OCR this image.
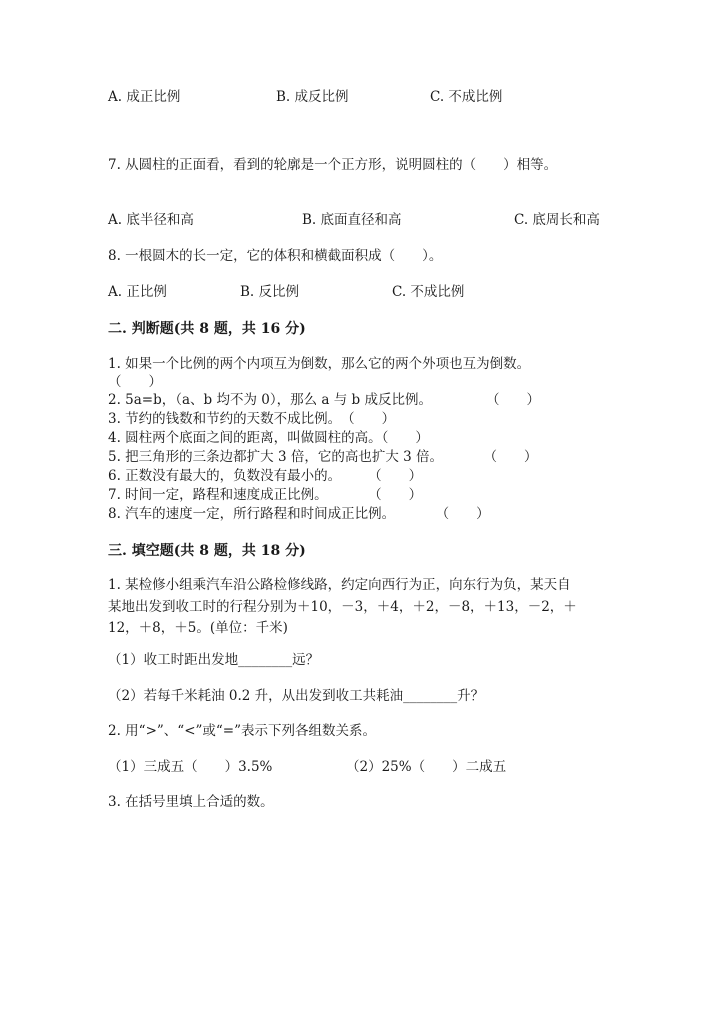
A. 成正比例	B. 成反比例	C. 不成比例
7. 从圆柱的正面看，看到的轮廓是一个正方形，说明圆柱的（　　）相等。
A. 底半径和高	B. 底面直径和高	C. 底周长和高
8. 一根圆木的长一定，它的体积和横截面积成（　　）。
A. 正比例	B. 反比例	C. 不成比例
二. 判断题(共 8 题，共 16 分)
1. 如果一个比例的两个内项互为倒数，那么它的两个外项也互为倒数。
（　　）
2. 5a=b，（a、b 均不为 0），那么 a 与 b 成反比例。　　　　　（　　）
3. 节约的钱数和节约的天数不成比例。　（　　）
4. 圆柱两个底面之间的距离，叫做圆柱的高。（　　）
5. 把三角形的三条边都扩大 3 倍，它的高也扩大 3 倍。　　　　（　　）
6. 正数没有最大的，负数没有最小的。　　　（　　）
7. 时间一定，路程和速度成正比例。　　　　（　　）
8. 汽车的速度一定，所行路程和时间成正比例。　　　　（　　）
三. 填空题(共 8 题，共 18 分)
1. 某检修小组乘汽车沿公路检修线路，约定向西行为正，向东行为负，某天自
某地出发到收工时的行程分别为＋10，－3，＋4，＋2，－8，＋13，－2，＋
12，＋8，＋5。(单位：千米)
（1）收工时距出发地________远？
（2）若每千米耗油 0.2 升，从出发到收工共耗油________升？
2. 用“>”、“<”或“=”表示下列各组数关系。
（1）三成五（　　）3.5%	（2）25%（　　）二成五
3. 在括号里填上合适的数。
